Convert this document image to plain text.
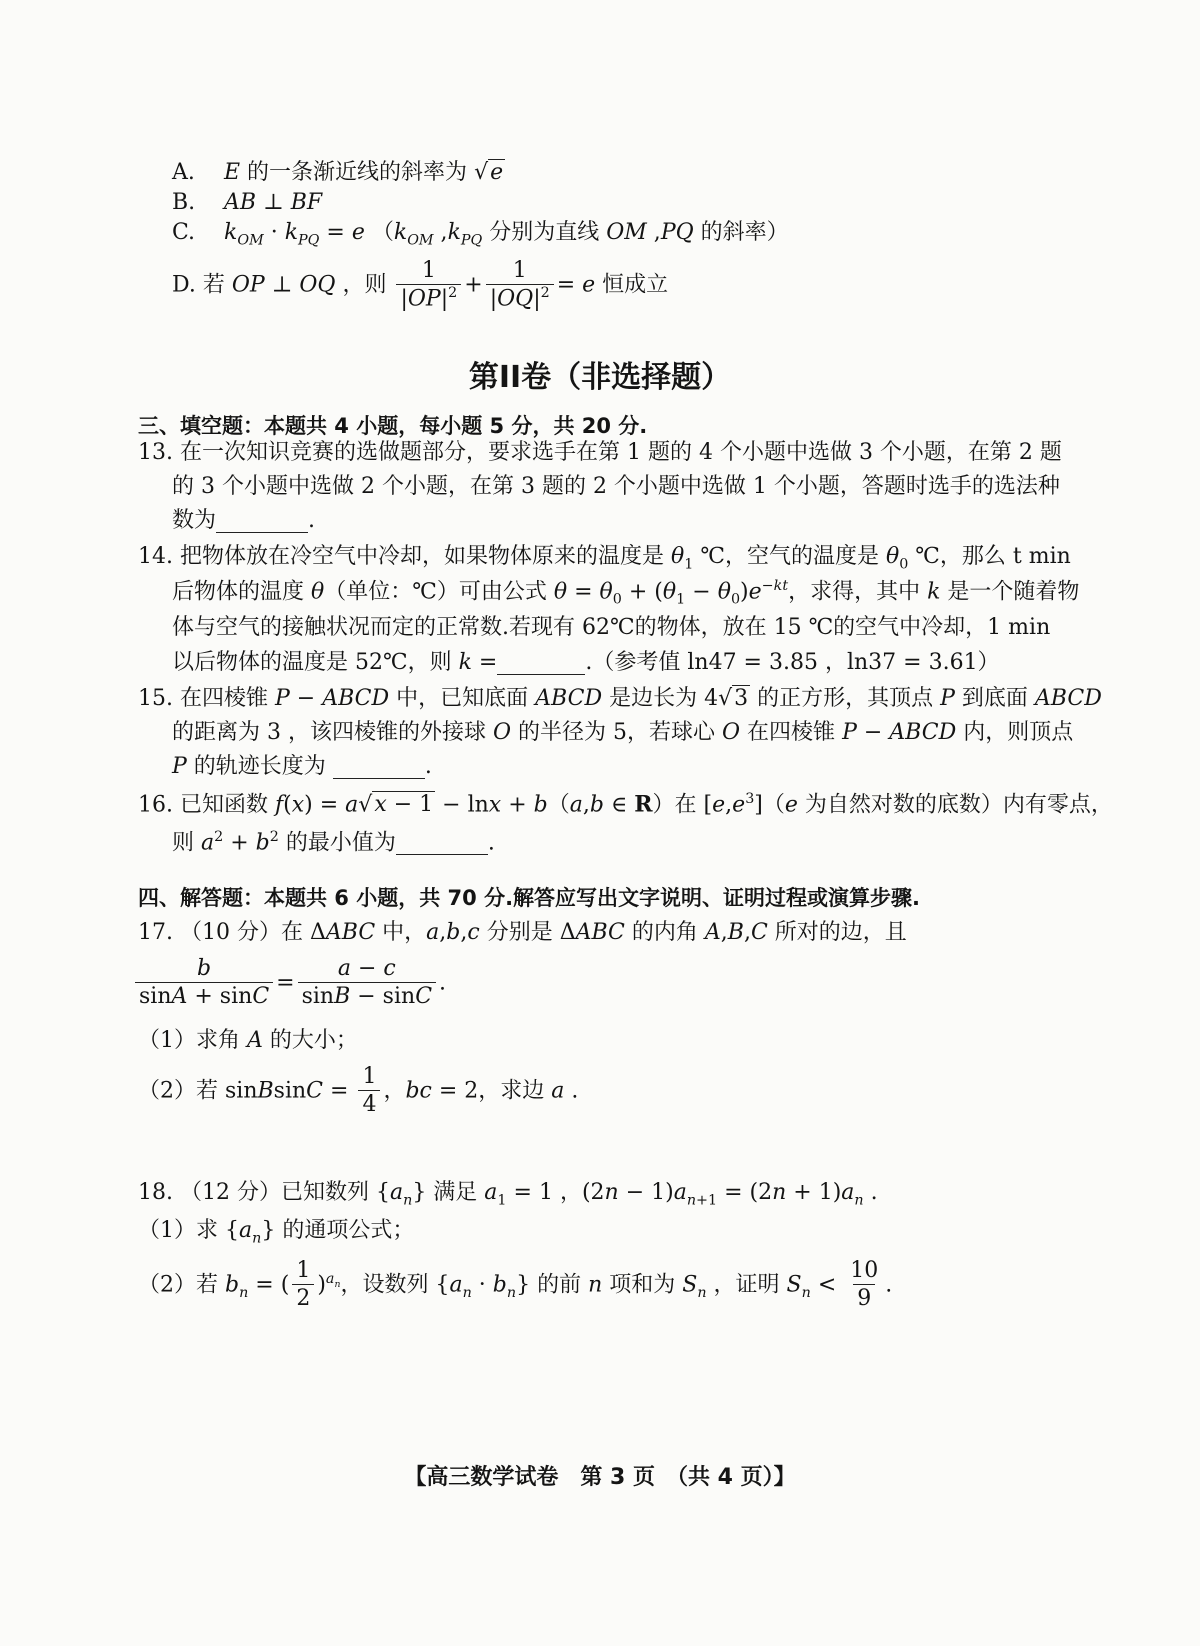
A. E 的一条渐近线的斜率为 √e
B. AB ⊥ BF
C. $k_{OM} \cdot k_{PQ} = e$ （$k_{OM}$ $,k_{PQ}$ 分别为直线 OM ,PQ 的斜率）
D. 若 OP ⊥ OQ ，则 $\frac{1}{|OP|^2} + \frac{1}{|OQ|^2} = e$ 恒成立
第II卷（非选择题）
三、填空题：本题共 4 小题，每小题 5 分，共 20 分.
13. 在一次知识竞赛的选做题部分，要求选手在第 1 题的 4 个小题中选做 3 个小题，在第 2 题
的 3 个小题中选做 2 个小题，在第 3 题的 2 个小题中选做 1 个小题，答题时选手的选法种
数为	.
14. 把物体放在冷空气中冷却，如果物体原来的温度是 $\theta_1$ ℃，空气的温度是 $\theta_0$ ℃，那么 t min
后物体的温度 θ（单位：℃）可由公式 $\theta = \theta_0 + (\theta_1 - \theta_0)e^{-kt}$，求得，其中 k 是一个随着物
体与空气的接触状况而定的正常数.若现有 62℃的物体，放在 15 ℃的空气中冷却，1 min
以后物体的温度是 52℃，则 k =	.（参考值 ln47 = 3.85 ，ln37 = 3.61）
15. 在四棱锥 P − ABCD 中，已知底面 ABCD 是边长为 4√3 的正方形，其顶点 P 到底面 ABCD
的距离为 3 ，该四棱锥的外接球 O 的半径为 5，若球心 O 在四棱锥 P − ABCD 内，则顶点
P 的轨迹长度为	.
16. 已知函数 f(x) = a√x − 1 − lnx + b（a,b ∈ R）在 $[e,e^3](e$ 为自然对数的底数）内有零点，
则 $a^2 + b^2$ 的最小值为	.
四、解答题：本题共 6 小题，共 70 分.解答应写出文字说明、证明过程或演算步骤.
17. （10 分）在 ΔABC 中，a,b,c 分别是 ΔABC 的内角 A,B,C 所对的边，且
$\frac{b}{\sin A + \sin C} = \frac{a - c}{\sin B - \sin C}$ .
（1）求角 A 的大小；
（2）若 sinBsinC = $\frac{1}{4}$ ，bc = 2，求边 a .
18. （12 分）已知数列 $\{a_n\}$ 满足 $a_1 = 1$ ，$(2n - 1)a_{n+1} = (2n + 1)a_n$ .
（1）求 $\{a_n\}$ 的通项公式；
（2）若 $b_n$ = ( $\frac{1}{2} )^{a_n}$，设数列 $\{a_n \cdot b_n\}$ 的前 n 项和为 $S_n$ ，证明 $S_n < \frac{10}{9}$ .
【高三数学试卷　第 3 页　（共 4 页）】
